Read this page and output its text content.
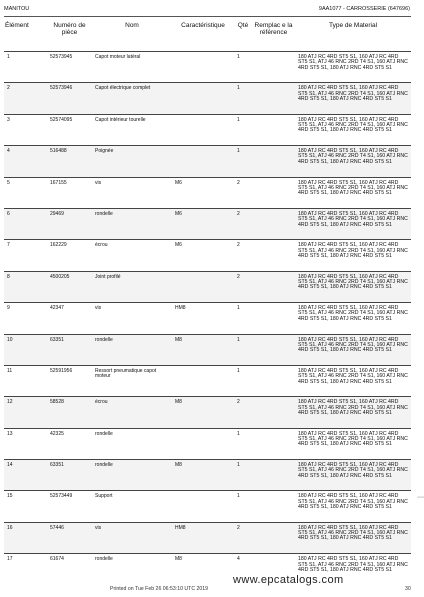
MANITOU	9AA1077 - CARROSSERIE (647696)
Élément	Numéro de pièce	Nom	Caractéristique	Qté	Remplac e la référence	Type de Material
1	52573945	Capot moteur latéral		1		180 ATJ RC 4RD ST5 S1, 160 ATJ RC 4RD ST5 S1, ATJ 46 RNC 2RD T4 S1, 160 ATJ RNC 4RD ST5 S1, 180 ATJ RNC 4RD ST5 S1
2	52573946	Capot électrique complet		1		180 ATJ RC 4RD ST5 S1, 160 ATJ RC 4RD ST5 S1, ATJ 46 RNC 2RD T4 S1, 160 ATJ RNC 4RD ST5 S1, 180 ATJ RNC 4RD ST5 S1
3	52574095	Capot intérieur tourelle		1		180 ATJ RC 4RD ST5 S1, 160 ATJ RC 4RD ST5 S1, ATJ 46 RNC 2RD T4 S1, 160 ATJ RNC 4RD ST5 S1, 180 ATJ RNC 4RD ST5 S1
4	516488	Poignée		1		180 ATJ RC 4RD ST5 S1, 160 ATJ RC 4RD ST5 S1, ATJ 46 RNC 2RD T4 S1, 160 ATJ RNC 4RD ST5 S1, 180 ATJ RNC 4RD ST5 S1
5	167155	vis	M6	2		180 ATJ RC 4RD ST5 S1, 160 ATJ RC 4RD ST5 S1, ATJ 46 RNC 2RD T4 S1, 160 ATJ RNC 4RD ST5 S1, 180 ATJ RNC 4RD ST5 S1
6	29469	rondelle	M6	2		180 ATJ RC 4RD ST5 S1, 160 ATJ RC 4RD ST5 S1, ATJ 46 RNC 2RD T4 S1, 160 ATJ RNC 4RD ST5 S1, 180 ATJ RNC 4RD ST5 S1
7	162229	écrou	M6	2		180 ATJ RC 4RD ST5 S1, 160 ATJ RC 4RD ST5 S1, ATJ 46 RNC 2RD T4 S1, 160 ATJ RNC 4RD ST5 S1, 180 ATJ RNC 4RD ST5 S1
8	4500205	Joint profilé		2		180 ATJ RC 4RD ST5 S1, 160 ATJ RC 4RD ST5 S1, ATJ 46 RNC 2RD T4 S1, 160 ATJ RNC 4RD ST5 S1, 180 ATJ RNC 4RD ST5 S1
9	42347	vis	HM8	1		180 ATJ RC 4RD ST5 S1, 160 ATJ RC 4RD ST5 S1, ATJ 46 RNC 2RD T4 S1, 160 ATJ RNC 4RD ST5 S1, 180 ATJ RNC 4RD ST5 S1
10	63351	rondelle	M8	1		180 ATJ RC 4RD ST5 S1, 160 ATJ RC 4RD ST5 S1, ATJ 46 RNC 2RD T4 S1, 160 ATJ RNC 4RD ST5 S1, 180 ATJ RNC 4RD ST5 S1
11	52591956	Ressort pneumatique capot moteur		1		180 ATJ RC 4RD ST5 S1, 160 ATJ RC 4RD ST5 S1, ATJ 46 RNC 2RD T4 S1, 160 ATJ RNC 4RD ST5 S1, 180 ATJ RNC 4RD ST5 S1
12	58528	écrou	M8	2		180 ATJ RC 4RD ST5 S1, 160 ATJ RC 4RD ST5 S1, ATJ 46 RNC 2RD T4 S1, 160 ATJ RNC 4RD ST5 S1, 180 ATJ RNC 4RD ST5 S1
13	42325	rondelle		1		180 ATJ RC 4RD ST5 S1, 160 ATJ RC 4RD ST5 S1, ATJ 46 RNC 2RD T4 S1, 160 ATJ RNC 4RD ST5 S1, 180 ATJ RNC 4RD ST5 S1
14	63351	rondelle	M8	1		180 ATJ RC 4RD ST5 S1, 160 ATJ RC 4RD ST5 S1, ATJ 46 RNC 2RD T4 S1, 160 ATJ RNC 4RD ST5 S1, 180 ATJ RNC 4RD ST5 S1
15	52573449	Support		1		180 ATJ RC 4RD ST5 S1, 160 ATJ RC 4RD ST5 S1, ATJ 46 RNC 2RD T4 S1, 160 ATJ RNC 4RD ST5 S1, 180 ATJ RNC 4RD ST5 S1
16	57446	vis	HM8	2		180 ATJ RC 4RD ST5 S1, 160 ATJ RC 4RD ST5 S1, ATJ 46 RNC 2RD T4 S1, 160 ATJ RNC 4RD ST5 S1, 180 ATJ RNC 4RD ST5 S1
17	61674	rondelle	M8	4		180 ATJ RC 4RD ST5 S1, 160 ATJ RC 4RD ST5 S1, ATJ 46 RNC 2RD T4 S1, 160 ATJ RNC 4RD ST5 S1, 180 ATJ RNC 4RD ST5 S1
┃
www.epcatalogs.com
Printed on Tue Feb 26 06:53:10 UTC 2019	30
